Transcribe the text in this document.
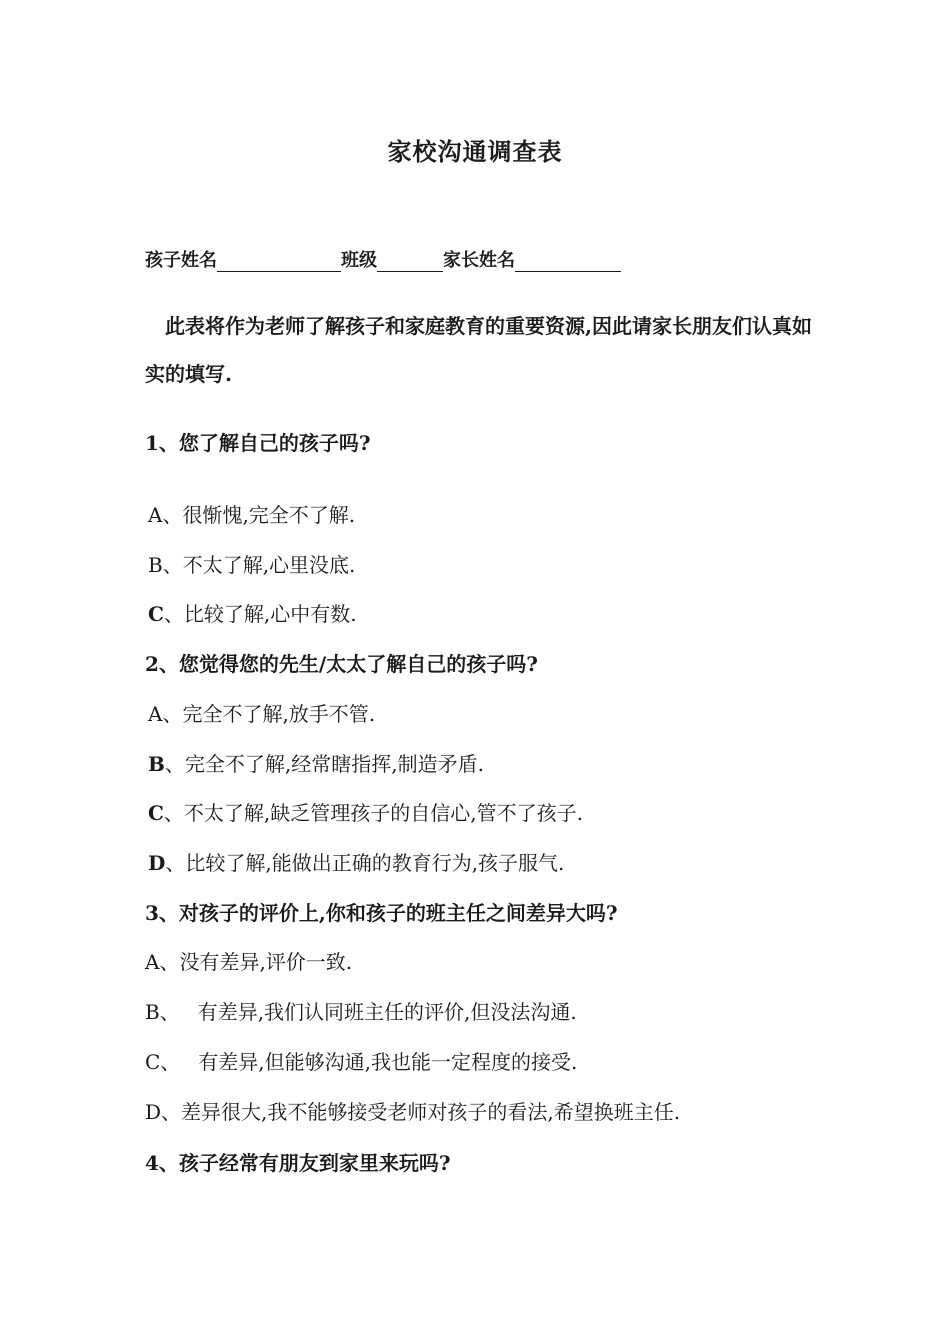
家校沟通调查表
孩子姓名	班级	家长姓名
此表将作为老师了解孩子和家庭教育的重要资源,因此请家长朋友们认真如实的填写.
1、您了解自己的孩子吗?
A、很惭愧,完全不了解.
B、不太了解,心里没底.
C、比较了解,心中有数.
2、您觉得您的先生/太太了解自己的孩子吗?
A、完全不了解,放手不管.
B、完全不了解,经常瞎指挥,制造矛盾.
C、不太了解,缺乏管理孩子的自信心,管不了孩子.
D、比较了解,能做出正确的教育行为,孩子服气.
3、对孩子的评价上,你和孩子的班主任之间差异大吗?
A、没有差异,评价一致.
B、 有差异,我们认同班主任的评价,但没法沟通.
C、 有差异,但能够沟通,我也能一定程度的接受.
D、差异很大,我不能够接受老师对孩子的看法,希望换班主任.
4、孩子经常有朋友到家里来玩吗?
